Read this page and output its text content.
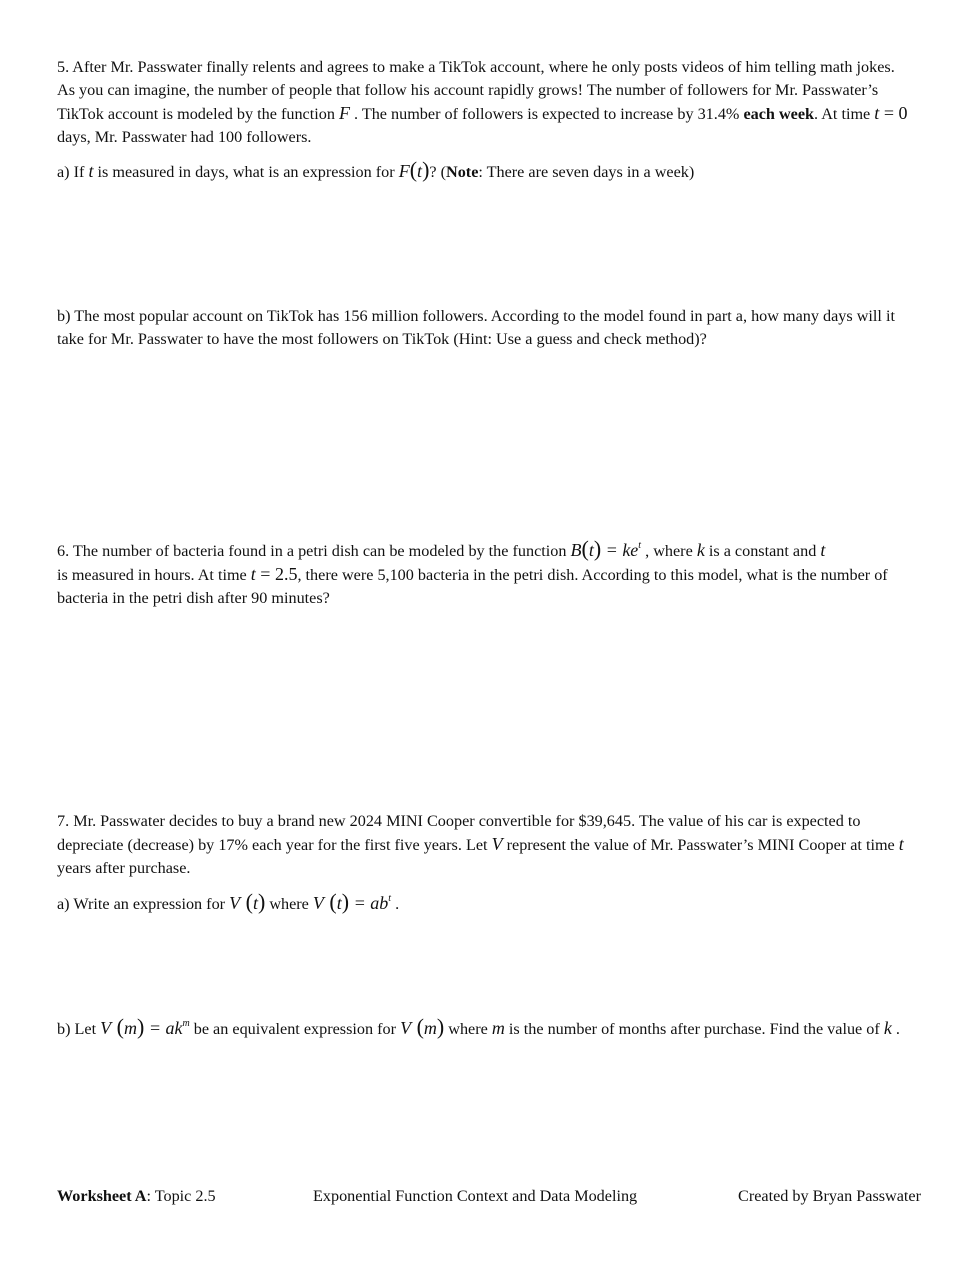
5. After Mr. Passwater finally relents and agrees to make a TikTok account, where he only posts videos of him telling math jokes. As you can imagine, the number of people that follow his account rapidly grows! The number of followers for Mr. Passwater’s TikTok account is modeled by the function F . The number of followers is expected to increase by 31.4% each week. At time t = 0 days, Mr. Passwater had 100 followers.

a) If t is measured in days, what is an expression for F(t)? (Note: There are seven days in a week)

b) The most popular account on TikTok has 156 million followers. According to the model found in part a, how many days will it take for Mr. Passwater to have the most followers on TikTok (Hint: Use a guess and check method)?

6. The number of bacteria found in a petri dish can be modeled by the function $B(t) = ke^t$ , where k is a constant and t
is measured in hours. At time t = 2.5, there were 5,100 bacteria in the petri dish. According to this model, what is the number of bacteria in the petri dish after 90 minutes?

7. Mr. Passwater decides to buy a brand new 2024 MINI Cooper convertible for $39,645. The value of his car is expected to depreciate (decrease) by 17% each year for the first five years. Let V represent the value of Mr. Passwater’s MINI Cooper at time t years after purchase.

a) Write an expression for V (t) where V $(t) = ab^t$ .

b) Let V $(m) = ak^m$ be an equivalent expression for V (m) where m is the number of months after purchase. Find the value of k .

Worksheet A : Topic 2.5	Exponential Function Context and Data Modeling	Created by Bryan Passwater
